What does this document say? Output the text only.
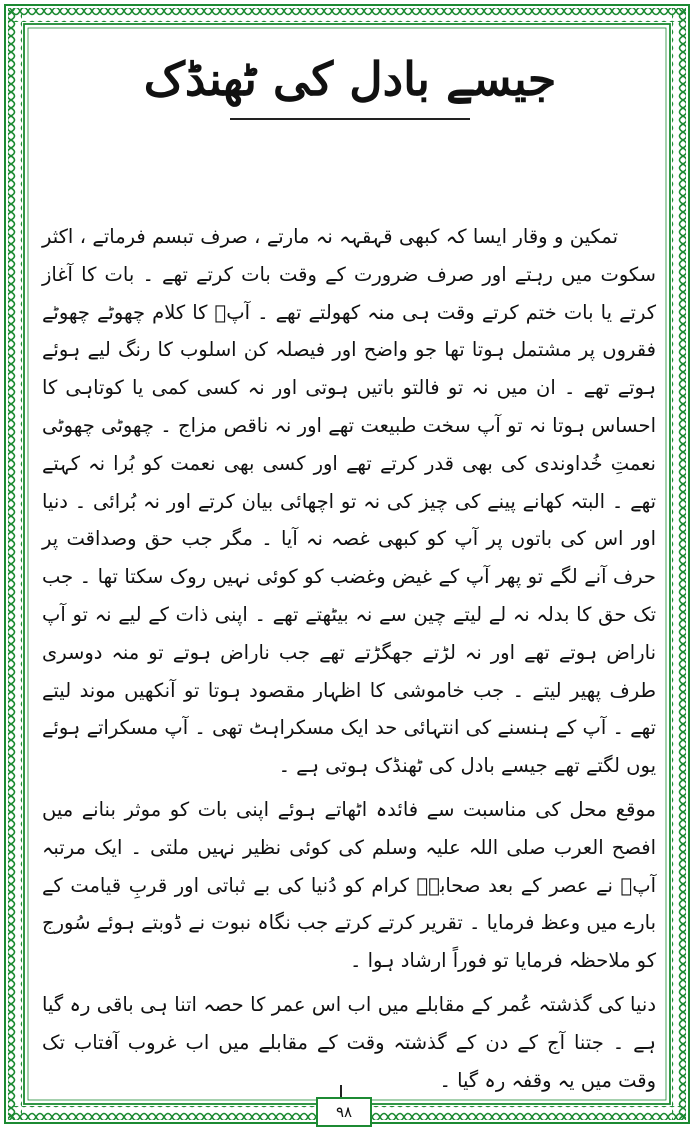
جیسے بادل کی ٹھنڈک

تمکین و وقار ایسا کہ کبھی قہقہہ نہ مارتے ، صرف تبسم فرماتے ، اکثر سکوت میں رہتے اور صرف ضرورت کے وقت بات کرتے تھے ۔ بات کا آغاز کرتے یا بات ختم کرتے وقت ہی منہ کھولتے تھے ۔ آپؐ کا کلام چھوٹے چھوٹے فقروں پر مشتمل ہوتا تھا جو واضح اور فیصلہ کن اسلوب کا رنگ لیے ہوئے ہوتے تھے ۔ ان میں نہ تو فالتو باتیں ہوتی اور نہ کسی کمی یا کوتاہی کا احساس ہوتا نہ تو آپ سخت طبیعت تھے اور نہ ناقص مزاج ۔ چھوٹی چھوٹی نعمتِ خُداوندی کی بھی قدر کرتے تھے اور کسی بھی نعمت کو بُرا نہ کہتے تھے ۔ البتہ کھانے پینے کی چیز کی نہ تو اچھائی بیان کرتے اور نہ بُرائی ۔ دنیا اور اس کی باتوں پر آپ کو کبھی غصہ نہ آیا ۔ مگر جب حق وصداقت پر حرف آنے لگے تو پھر آپ کے غیض وغضب کو کوئی نہیں روک سکتا تھا ۔ جب تک حق کا بدلہ نہ لے لیتے چین سے نہ بیٹھتے تھے ۔ اپنی ذات کے لیے نہ تو آپ ناراض ہوتے تھے اور نہ لڑتے جھگڑتے تھے جب ناراض ہوتے تو منہ دوسری طرف پھیر لیتے ۔ جب خاموشی کا اظہار مقصود ہوتا تو آنکھیں موند لیتے تھے ۔ آپ کے ہنسنے کی انتہائی حد ایک مسکراہٹ تھی ۔ آپ مسکراتے ہوئے یوں لگتے تھے جیسے بادل کی ٹھنڈک ہوتی ہے ۔

موقع محل کی مناسبت سے فائدہ اٹھاتے ہوئے اپنی بات کو موثر بنانے میں افصح العرب صلی اللہ علیہ وسلم کی کوئی نظیر نہیں ملتی ۔ ایک مرتبہ آپؐ نے عصر کے بعد صحابہؓ کرام کو دُنیا کی بے ثباتی اور قربِ قیامت کے بارے میں وعظ فرمایا ۔ تقریر کرتے کرتے جب نگاہ نبوت نے ڈوبتے ہوئے سُورج کو ملاحظہ فرمایا تو فوراً ارشاد ہوا ۔

دنیا کی گذشتہ عُمر کے مقابلے میں اب اس عمر کا حصہ اتنا ہی باقی رہ گیا ہے ۔ جتنا آج کے دن کے گذشتہ وقت کے مقابلے میں اب غروب آفتاب تک وقت میں یہ وقفہ رہ گیا ۔

۹۸
